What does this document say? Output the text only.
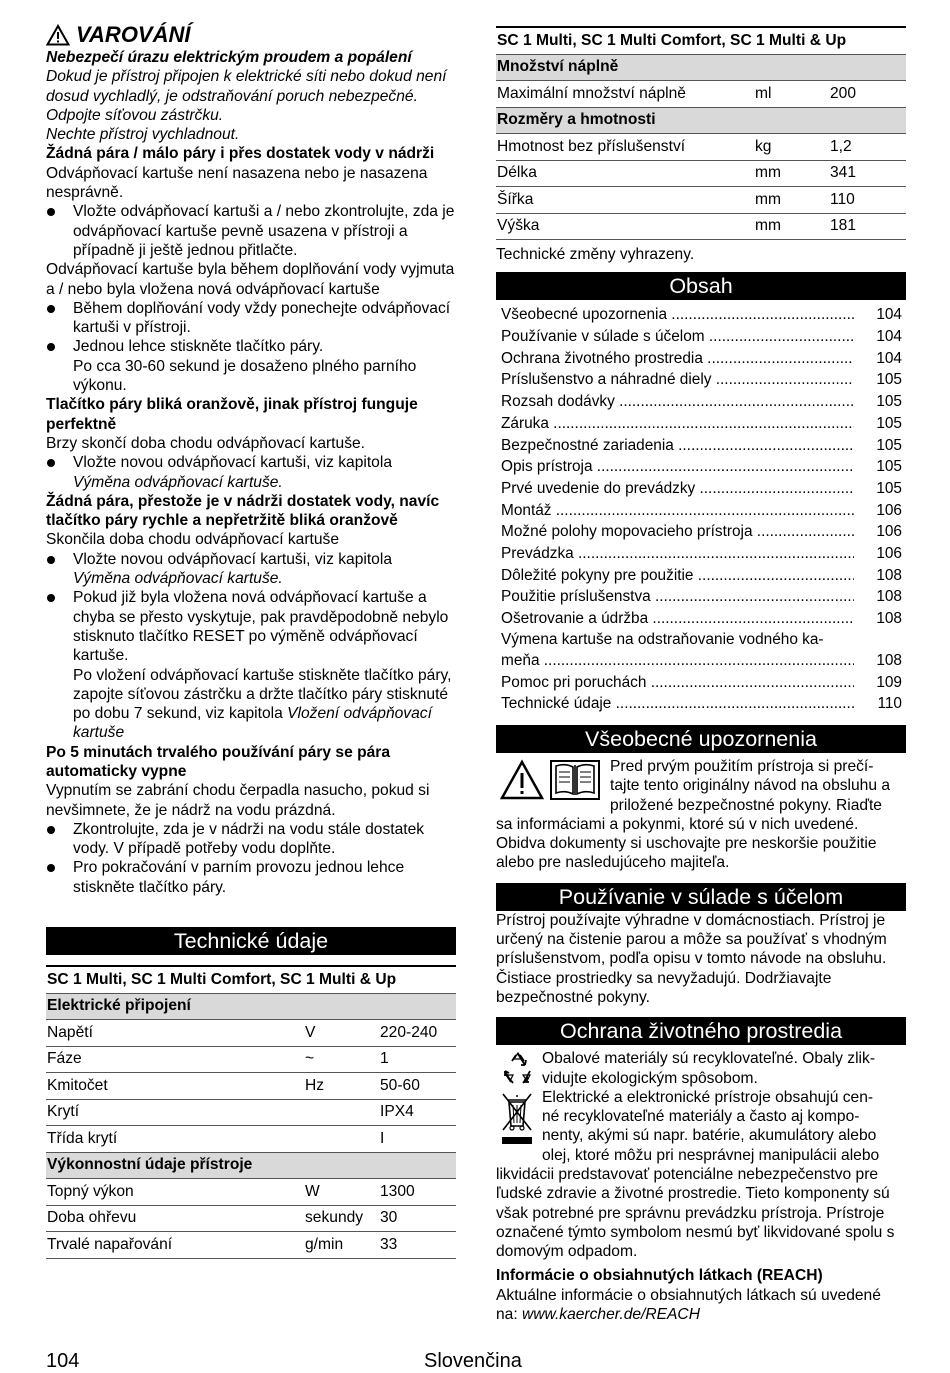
VAROVÁNÍ

Nebezpečí úrazu elektrickým proudem a popálení

Dokud je přístroj připojen k elektrické síti nebo dokud není dosud vychladlý, je odstraňování poruch nebezpečné.

Odpojte síťovou zástrčku.

Nechte přístroj vychladnout.

Žádná pára / málo páry i přes dostatek vody v nádrži

Odvápňovací kartuše není nasazena nebo je nasazena nesprávně.

Vložte odvápňovací kartuši a / nebo zkontrolujte, zda je odvápňovací kartuše pevně usazena v přístroji a případně ji ještě jednou přitlačte.

Odvápňovací kartuše byla během doplňování vody vyjmuta a / nebo byla vložena nová odvápňovací kartuše

Během doplňování vody vždy ponechejte odvápňovací kartuši v přístroji.
Jednou lehce stiskněte tlačítko páry.

Po cca 30-60 sekund je dosaženo plného parního výkonu.

Tlačítko páry bliká oranžově, jinak přístroj funguje perfektně

Brzy skončí doba chodu odvápňovací kartuše.

Vložte novou odvápňovací kartuši, viz kapitola
Výměna odvápňovací kartuše.

Žádná pára, přestože je v nádrži dostatek vody, navíc tlačítko páry rychle a nepřetržitě bliká oranžově

Skončila doba chodu odvápňovací kartuše

Vložte novou odvápňovací kartuši, viz kapitola
Výměna odvápňovací kartuše.
Pokud již byla vložena nová odvápňovací kartuše a chyba se přesto vyskytuje, pak pravděpodobně nebylo stisknuto tlačítko RESET po výměně odvápňovací kartuše.

Po vložení odvápňovací kartuše stiskněte tlačítko páry, zapojte síťovou zástrčku a držte tlačítko páry stisknuté po dobu 7 sekund, viz kapitola Vložení odvápňovací kartuše

Po 5 minutách trvalého používání páry se pára automaticky vypne

Vypnutím se zabrání chodu čerpadla nasucho, pokud si nevšimnete, že je nádrž na vodu prázdná.

Zkontrolujte, zda je v nádrži na vodu stále dostatek vody. V případě potřeby vodu doplňte.
Pro pokračování v parním provozu jednou lehce stiskněte tlačítko páry.
Technické údaje
SC 1 Multi, SC 1 Multi Comfort, SC 1 Multi & Up		
Elektrické připojení		
Napětí	V	220-240
Fáze	~	1
Kmitočet	Hz	50-60
Krytí		IPX4
Třída krytí		I
Výkonnostní údaje přístroje		
Topný výkon	W	1300
Doba ohřevu	sekundy	30
Trvalé napařování	g/min	33
SC 1 Multi, SC 1 Multi Comfort, SC 1 Multi & Up		
Množství náplně		
Maximální množství náplně	ml	200
Rozměry a hmotnosti		
Hmotnost bez příslušenství	kg	1,2
Délka	mm	341
Šířka	mm	110
Výška	mm	181

Technické změny vyhrazeny.

Obsah
Všeobecné upozornenia .....	104
Používanie v súlade s účelom .....	104
Ochrana životného prostredia .....	104
Príslušenstvo a náhradné diely .....	105
Rozsah dodávky .....	105
Záruka .....	105
Bezpečnostné zariadenia .....	105
Opis prístroja .....	105
Prvé uvedenie do prevádzky .....	105
Montáž .....	106
Možné polohy mopovacieho prístroja .....	106
Prevádzka .....	106
Dôležité pokyny pre použitie .....	108
Použitie príslušenstva .....	108
Ošetrovanie a údržba .....	108
Výmena kartuše na odstraňovanie vodného ka-
meňa .....	108
Pomoc pri poruchách .....	109
Technické údaje .....	110
Všeobecné upozornenia

Pred prvým použitím prístroja si prečí-

tajte tento originálny návod na obsluhu a

priložené bezpečnostné pokyny. Riaďte

sa informáciami a pokynmi, ktoré sú v nich uvedené. Obidva dokumenty si uschovajte pre neskoršie použitie alebo pre nasledujúceho majiteľa.

Používanie v súlade s účelom

Prístroj používajte výhradne v domácnostiach. Prístroj je určený na čistenie parou a môže sa používať s vhodným príslušenstvom, podľa opisu v tomto návode na obsluhu. Čistiace prostriedky sa nevyžadujú. Dodržiavajte bezpečnostné pokyny.

Ochrana životného prostredia

Obalové materiály sú recyklovateľné. Obaly zlik-

vidujte ekologickým spôsobom.

Elektrické a elektronické prístroje obsahujú cen-

né recyklovateľné materiály a často aj kompo-

nenty, akými sú napr. batérie, akumulátory alebo

olej, ktoré môžu pri nesprávnej manipulácii alebo

likvidácii predstavovať potenciálne nebezpečenstvo pre ľudské zdravie a životné prostredie. Tieto komponenty sú však potrebné pre správnu prevádzku prístroja. Prístroje označené týmto symbolom nesmú byť likvidované spolu s domovým odpadom.

Informácie o obsiahnutých látkach (REACH)

Aktuálne informácie o obsiahnutých látkach sú uvedené na: www.kaercher.de/REACH

104	Slovenčina
